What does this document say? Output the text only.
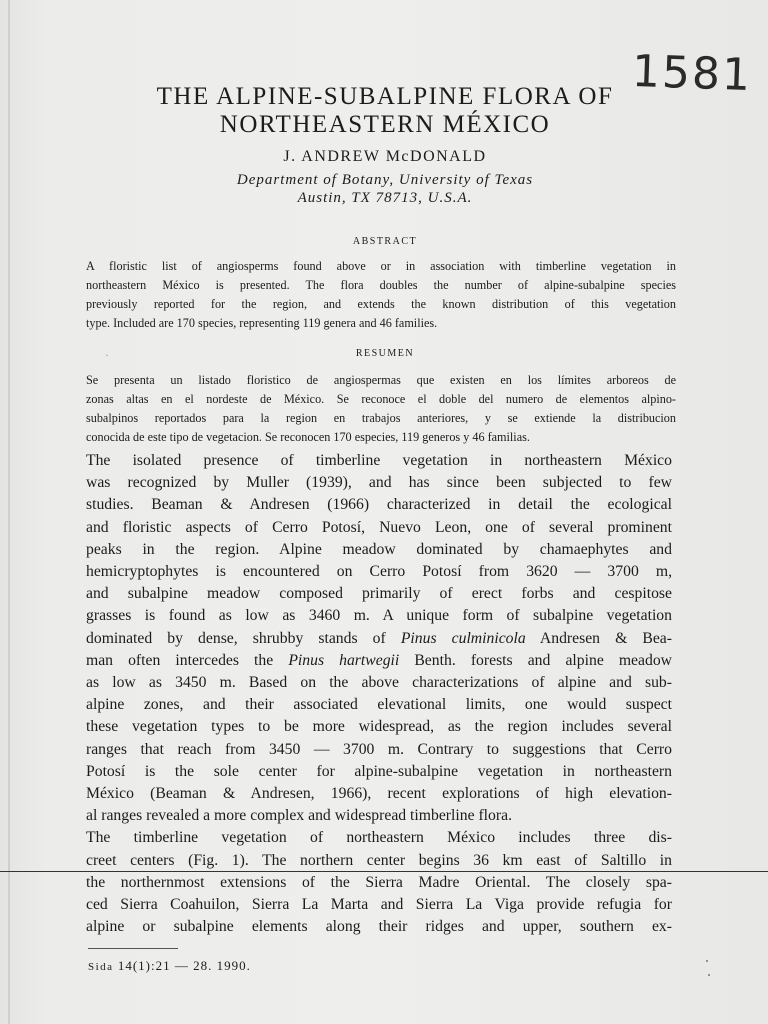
1581
THE ALPINE-SUBALPINE FLORA OF
NORTHEASTERN MÉXICO
J. ANDREW McDONALD
Department of Botany, University of Texas
Austin, TX 78713, U.S.A.
ABSTRACT
A floristic list of angiosperms found above or in association with timberline vegetation in
northeastern México is presented. The flora doubles the number of alpine-subalpine species
previously reported for the region, and extends the known distribution of this vegetation
type. Included are 170 species, representing 119 genera and 46 families.
·	RESUMEN
Se presenta un listado floristico de angiospermas que existen en los límites arboreos de
zonas altas en el nordeste de México. Se reconoce el doble del numero de elementos alpino-
subalpinos reportados para la region en trabajos anteriores, y se extiende la distribucion
conocida de este tipo de vegetacion. Se reconocen 170 especies, 119 generos y 46 familias.
The isolated presence of timberline vegetation in northeastern México
was recognized by Muller (1939), and has since been subjected to few
studies. Beaman & Andresen (1966) characterized in detail the ecological
and floristic aspects of Cerro Potosí, Nuevo Leon, one of several prominent
peaks in the region. Alpine meadow dominated by chamaephytes and
hemicryptophytes is encountered on Cerro Potosí from 3620 — 3700 m,
and subalpine meadow composed primarily of erect forbs and cespitose
grasses is found as low as 3460 m. A unique form of subalpine vegetation
dominated by dense, shrubby stands of Pinus culminicola Andresen & Bea-
man often intercedes the Pinus hartwegii Benth. forests and alpine meadow
as low as 3450 m. Based on the above characterizations of alpine and sub-
alpine zones, and their associated elevational limits, one would suspect
these vegetation types to be more widespread, as the region includes several
ranges that reach from 3450 — 3700 m. Contrary to suggestions that Cerro
Potosí is the sole center for alpine-subalpine vegetation in northeastern
México (Beaman & Andresen, 1966), recent explorations of high elevation-
al ranges revealed a more complex and widespread timberline flora.
The timberline vegetation of northeastern México includes three dis-
creet centers (Fig. 1). The northern center begins 36 km east of Saltillo in
the northernmost extensions of the Sierra Madre Oriental. The closely spa-
ced Sierra Coahuilon, Sierra La Marta and Sierra La Viga provide refugia for
alpine or subalpine elements along their ridges and upper, southern ex-
Sida 14(1):21 — 28. 1990.
